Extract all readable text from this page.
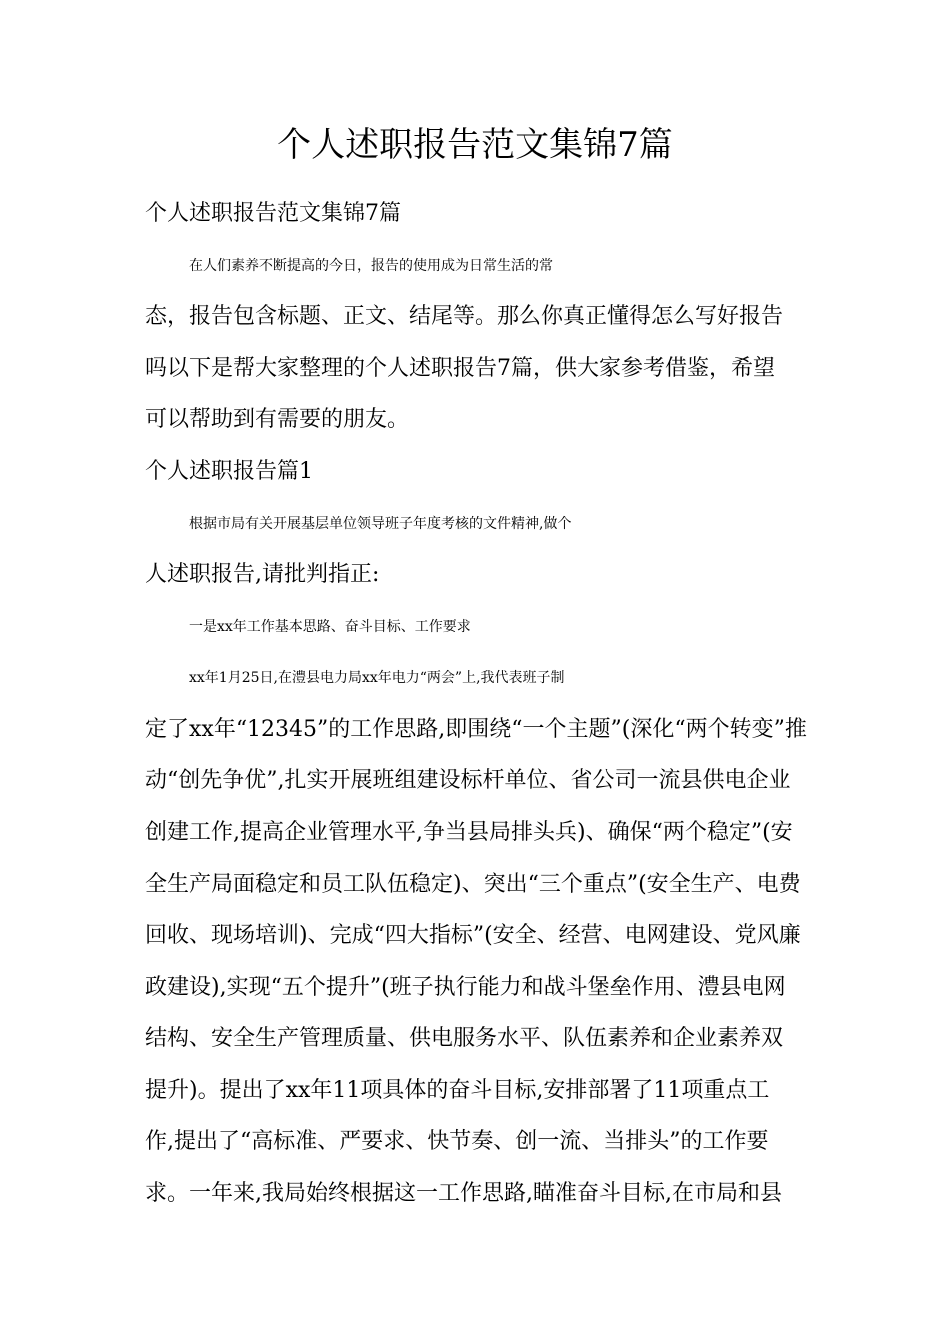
个人述职报告范文集锦7篇

个人述职报告范文集锦7篇

在人们素养不断提高的今日，报告的使用成为日常生活的常

态，报告包含标题、正文、结尾等。那么你真正懂得怎么写好报告

吗以下是帮大家整理的个人述职报告7篇，供大家参考借鉴，希望

可以帮助到有需要的朋友。

个人述职报告篇1

根据市局有关开展基层单位领导班子年度考核的文件精神,做个

人述职报告,请批判指正:

一是xx年工作基本思路、奋斗目标、工作要求

xx年1月25日,在澧县电力局xx年电力“两会”上,我代表班子制

定了xx年“12345”的工作思路,即围绕“一个主题”(深化“两个转变”推

动“创先争优”,扎实开展班组建设标杆单位、省公司一流县供电企业

创建工作,提高企业管理水平,争当县局排头兵)、确保“两个稳定”(安

全生产局面稳定和员工队伍稳定)、突出“三个重点”(安全生产、电费

回收、现场培训)、完成“四大指标”(安全、经营、电网建设、党风廉

政建设),实现“五个提升”(班子执行能力和战斗堡垒作用、澧县电网

结构、安全生产管理质量、供电服务水平、队伍素养和企业素养双

提升)。提出了xx年11项具体的奋斗目标,安排部署了11项重点工

作,提出了“高标准、严要求、快节奏、创一流、当排头”的工作要

求。一年来,我局始终根据这一工作思路,瞄准奋斗目标,在市局和县
